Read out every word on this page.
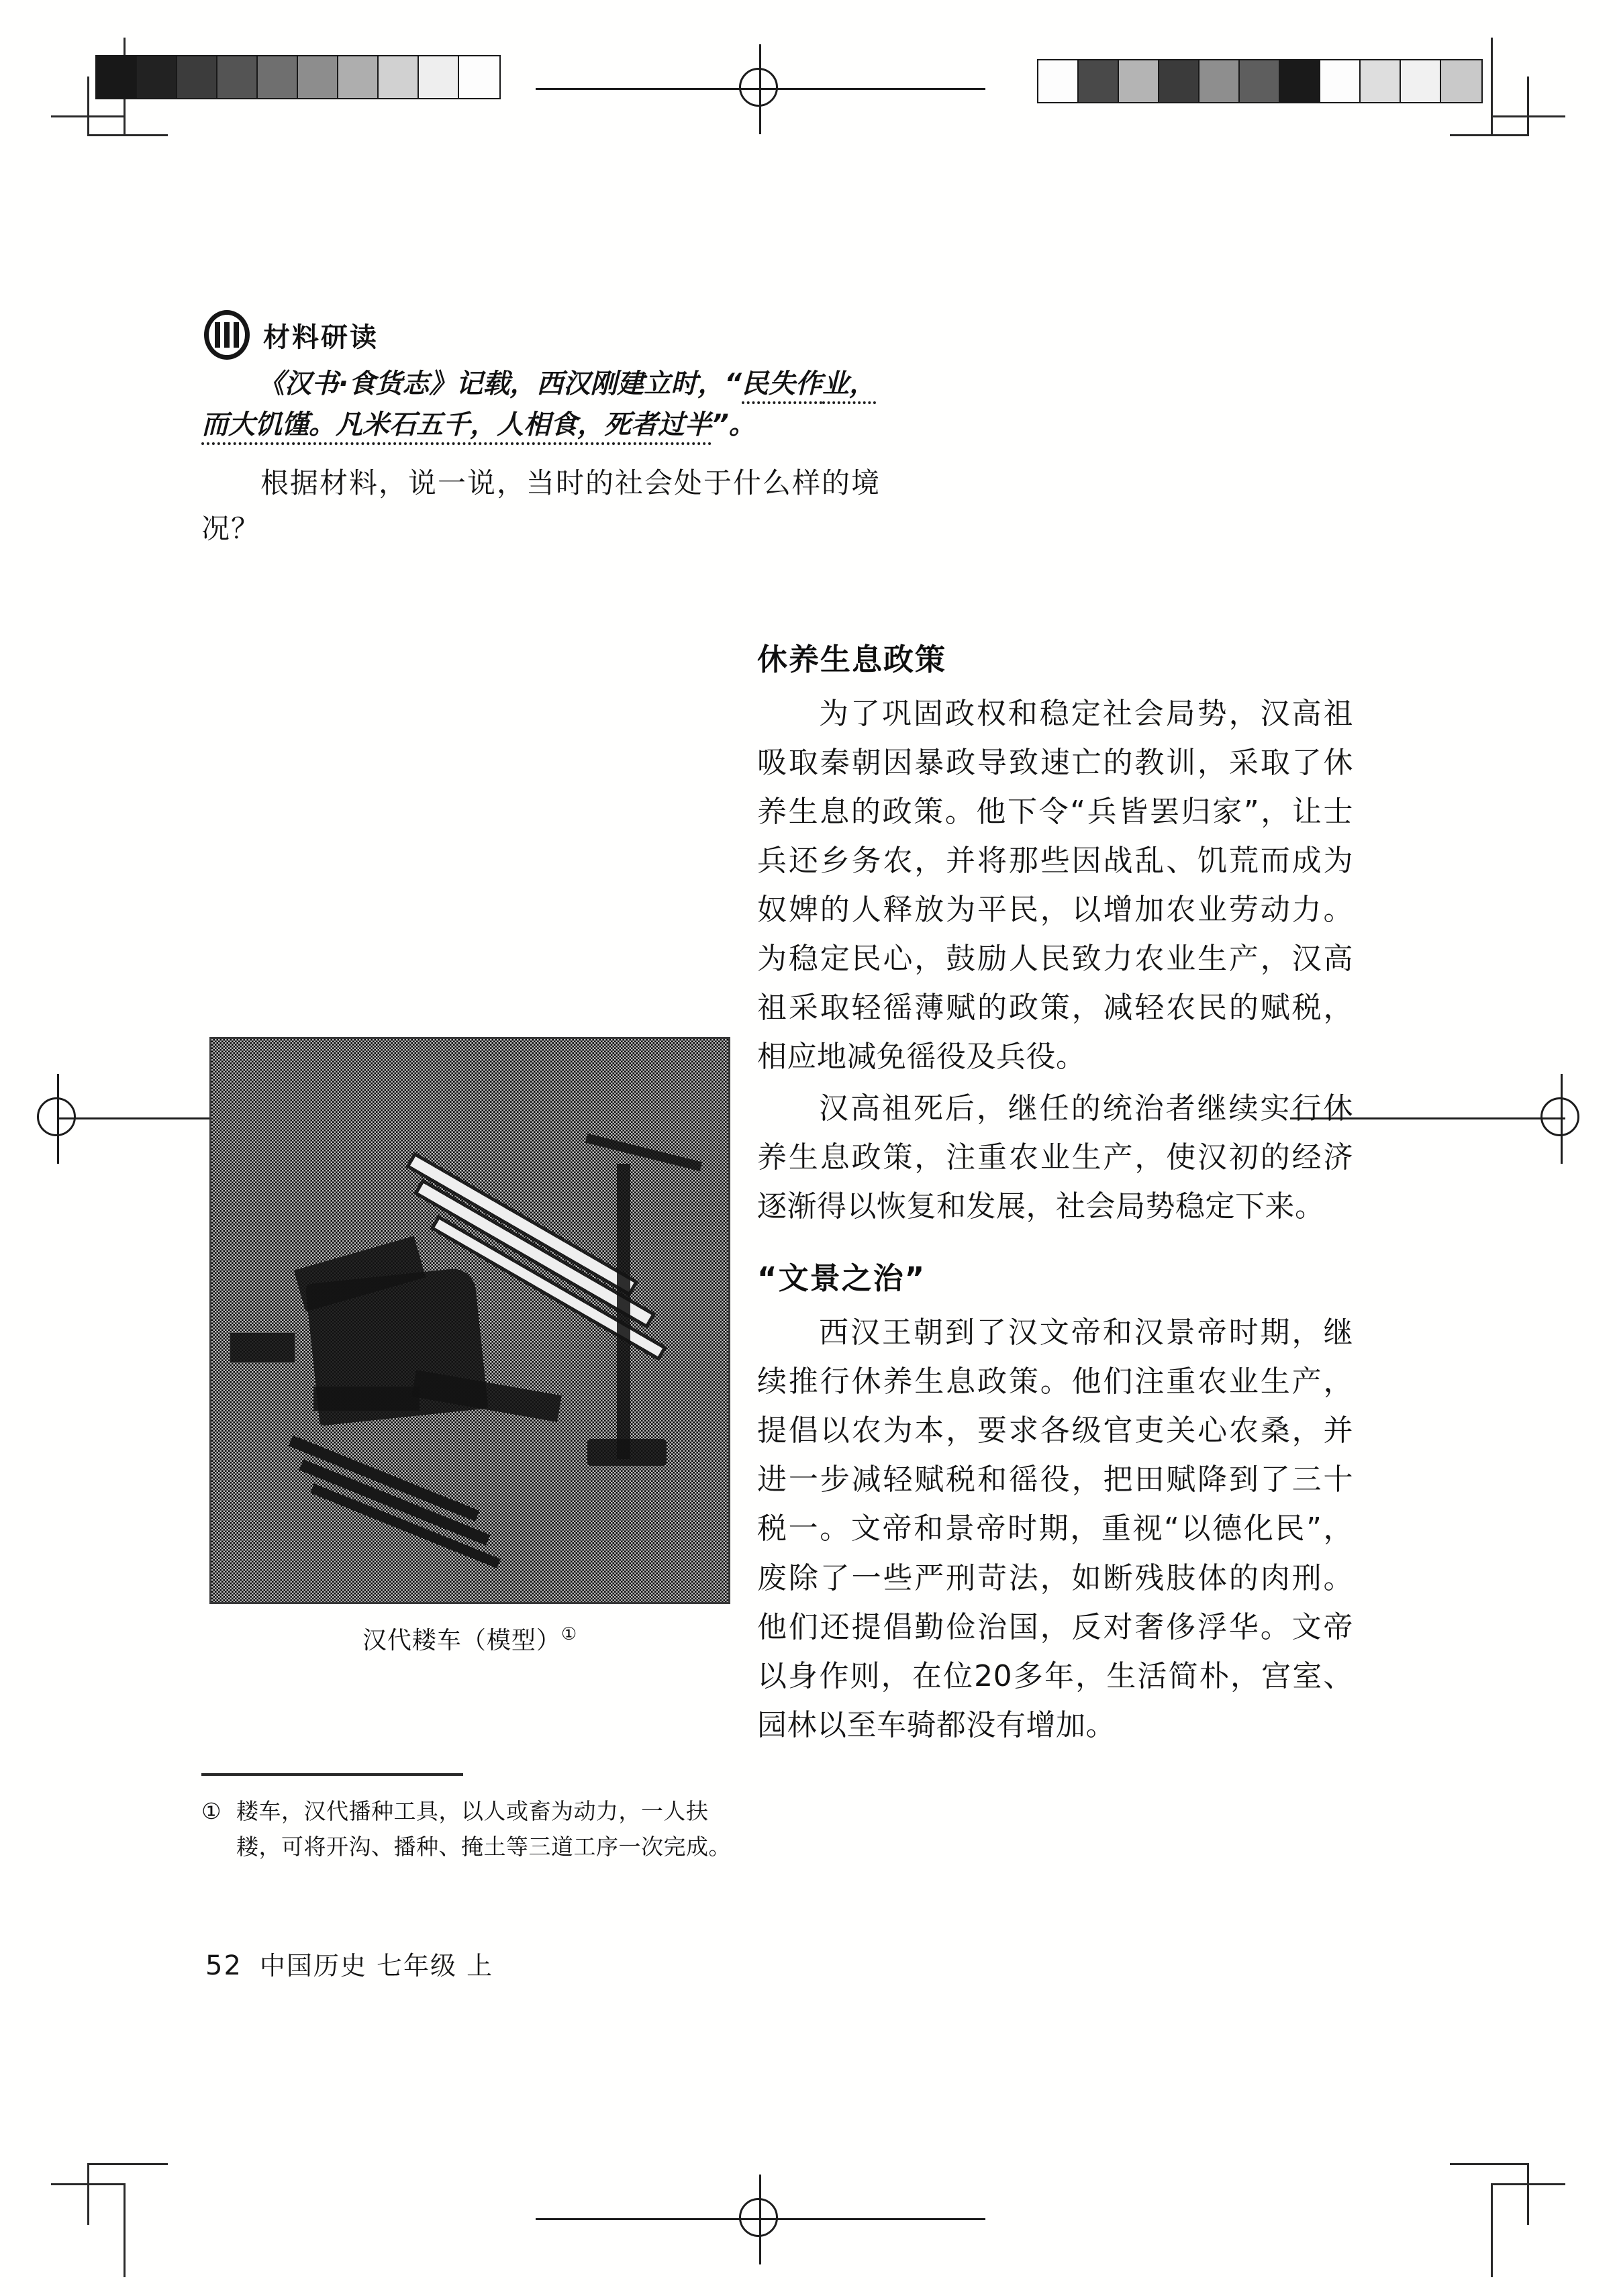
材料研读
《汉书·食货志》记载，西汉刚建立时，“民失作业，而大饥馑。凡米石五千，人相食，死者过半”。
根据材料，说一说，当时的社会处于什么样的境况？
休养生息政策
为了巩固政权和稳定社会局势，汉高祖吸取秦朝因暴政导致速亡的教训，采取了休养生息的政策。他下令“兵皆罢归家”，让士兵还乡务农，并将那些因战乱、饥荒而成为奴婢的人释放为平民，以增加农业劳动力。为稳定民心，鼓励人民致力农业生产，汉高祖采取轻徭薄赋的政策，减轻农民的赋税，相应地减免徭役及兵役。
汉高祖死后，继任的统治者继续实行休养生息政策，注重农业生产，使汉初的经济逐渐得以恢复和发展，社会局势稳定下来。
“文景之治”
西汉王朝到了汉文帝和汉景帝时期，继续推行休养生息政策。他们注重农业生产，提倡以农为本，要求各级官吏关心农桑，并进一步减轻赋税和徭役，把田赋降到了三十税一。文帝和景帝时期，重视“以德化民”，废除了一些严刑苛法，如断残肢体的肉刑。他们还提倡勤俭治国，反对奢侈浮华。文帝以身作则，在位20多年，生活简朴，宫室、园林以至车骑都没有增加。
汉代耧车（模型）①
① 耧车，汉代播种工具，以人或畜为动力，一人扶耧，可将开沟、播种、掩土等三道工序一次完成。
52 中国历史 七年级 上
